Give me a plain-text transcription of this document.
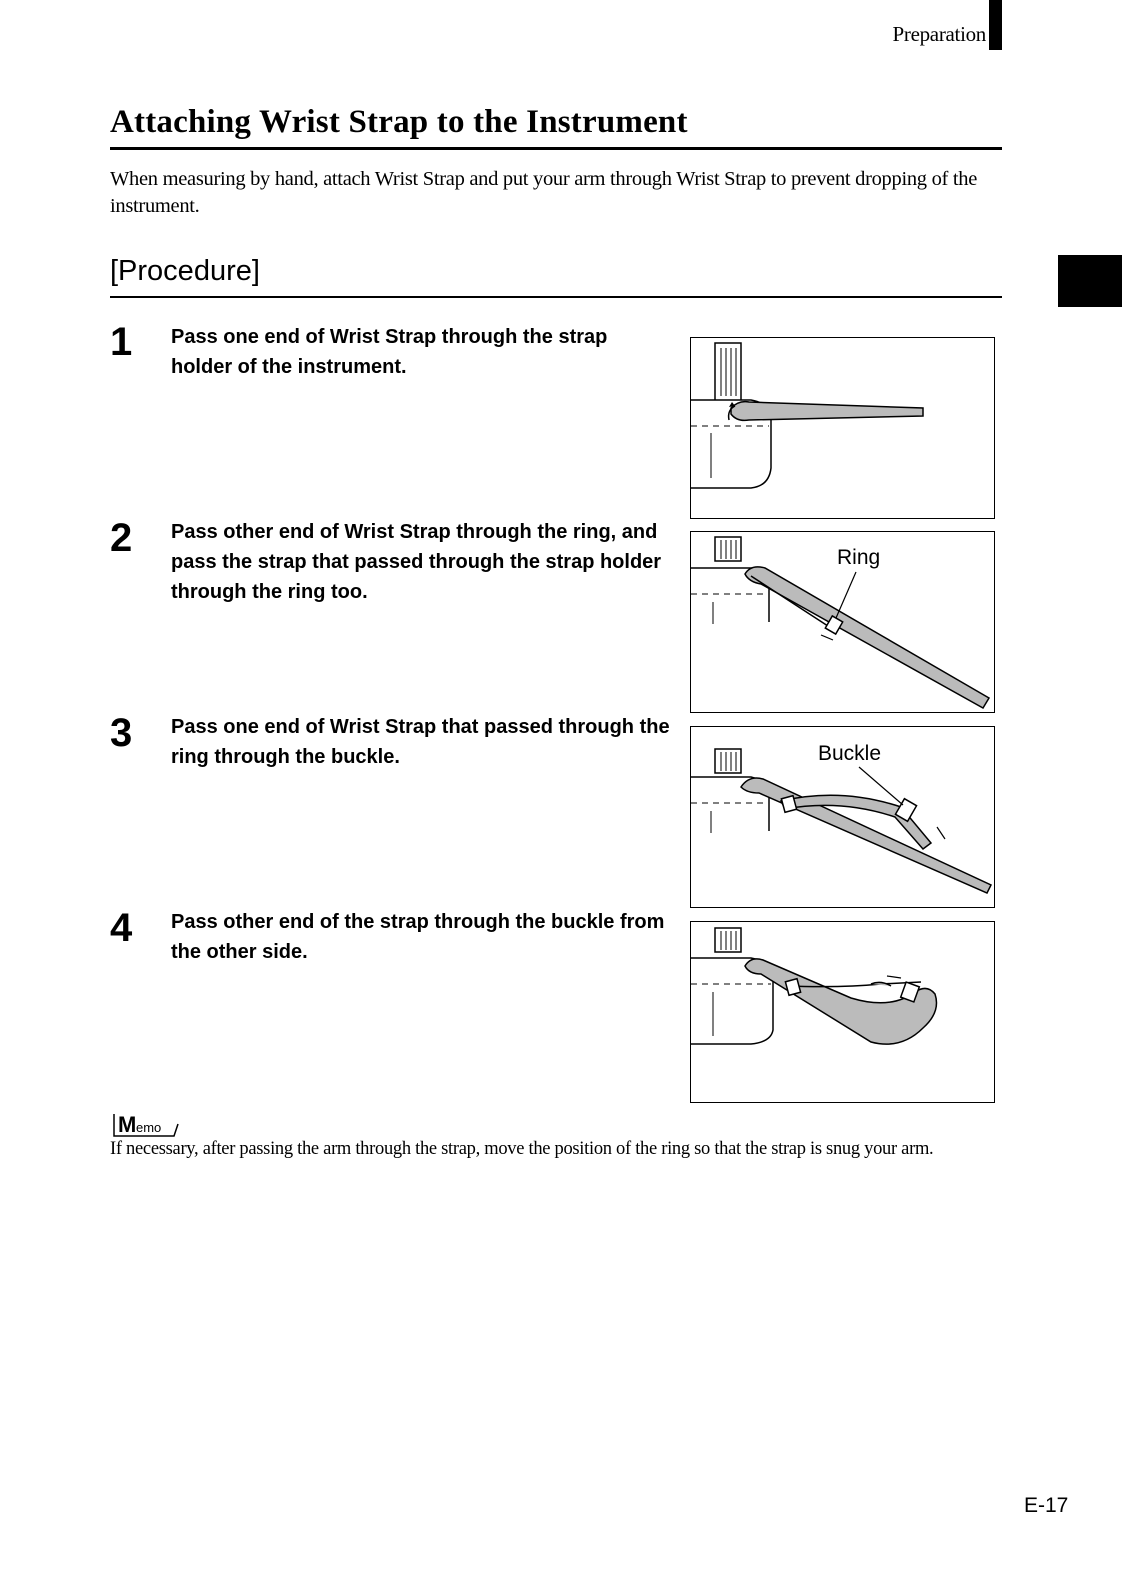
Preparation
Attaching Wrist Strap to the Instrument

When measuring by hand, attach Wrist Strap and put your arm through Wrist Strap to prevent dropping of the instrument.

[Procedure]
1 Pass one end of Wrist Strap through the strap holder of the instrument.

2 Pass other end of Wrist Strap through the ring, and pass the strap that passed through the strap holder through the ring too.

Ring
3 Pass one end of Wrist Strap that passed through the ring through the buckle.	Buckle
4 Pass other end of the strap through the buckle from the other side.

M emo

If necessary, after passing the arm through the strap, move the position of the ring so that the strap is snug your arm.

E-17
